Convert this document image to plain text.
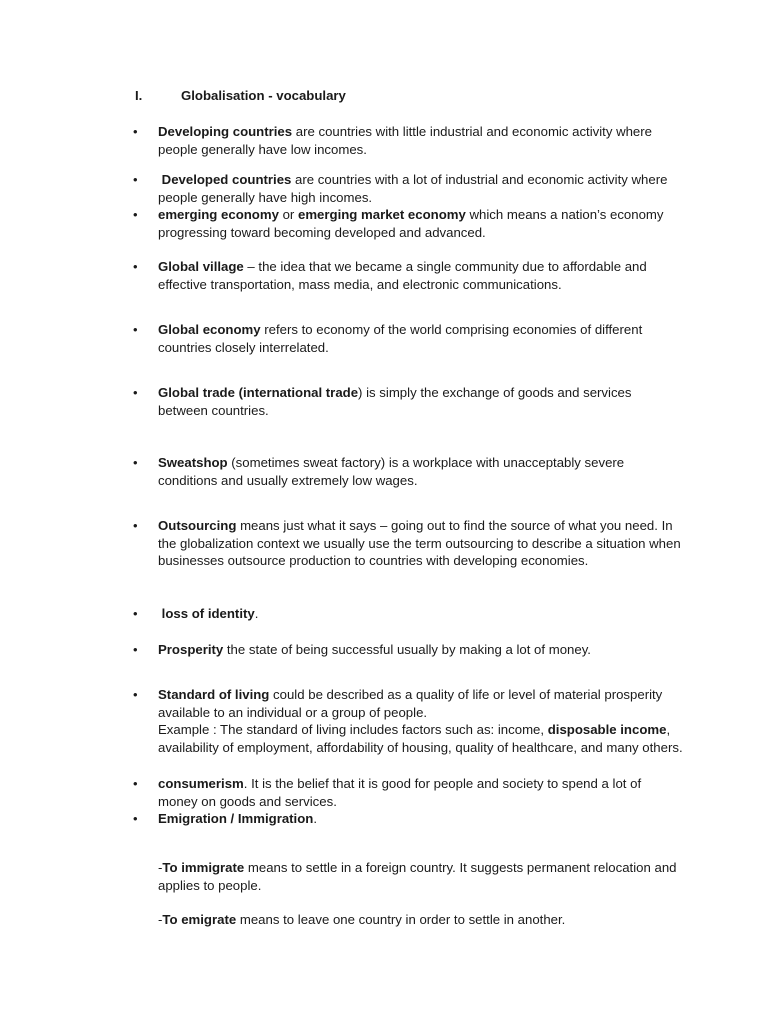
I.	Globalisation - vocabulary
• Developing countries are countries with little industrial and economic activity where people generally have low incomes.

• Developed countries are countries with a lot of industrial and economic activity where people generally have high incomes.

• emerging economy or emerging market economy which means a nation’s economy progressing toward becoming developed and advanced.

• Global village – the idea that we became a single community due to affordable and effective transportation, mass media, and electronic communications.

• Global economy refers to economy of the world comprising economies of different countries closely interrelated.

• Global trade (international trade) is simply the exchange of goods and services between countries.

• Sweatshop (sometimes sweat factory) is a workplace with unacceptably severe conditions and usually extremely low wages.

• Outsourcing means just what it says – going out to find the source of what you need. In the globalization context we usually use the term outsourcing to describe a situation when businesses outsource production to countries with developing economies.

• loss of identity.

• Prosperity the state of being successful usually by making a lot of money.

• Standard of living could be described as a quality of life or level of material prosperity available to an individual or a group of people.

Example : The standard of living includes factors such as: income, disposable income, availability of employment, affordability of housing, quality of healthcare, and many others.

• consumerism. It is the belief that it is good for people and society to spend a lot of money on goods and services.

• Emigration / Immigration.

-To immigrate means to settle in a foreign country. It suggests permanent relocation and applies to people.

-To emigrate means to leave one country in order to settle in another.
